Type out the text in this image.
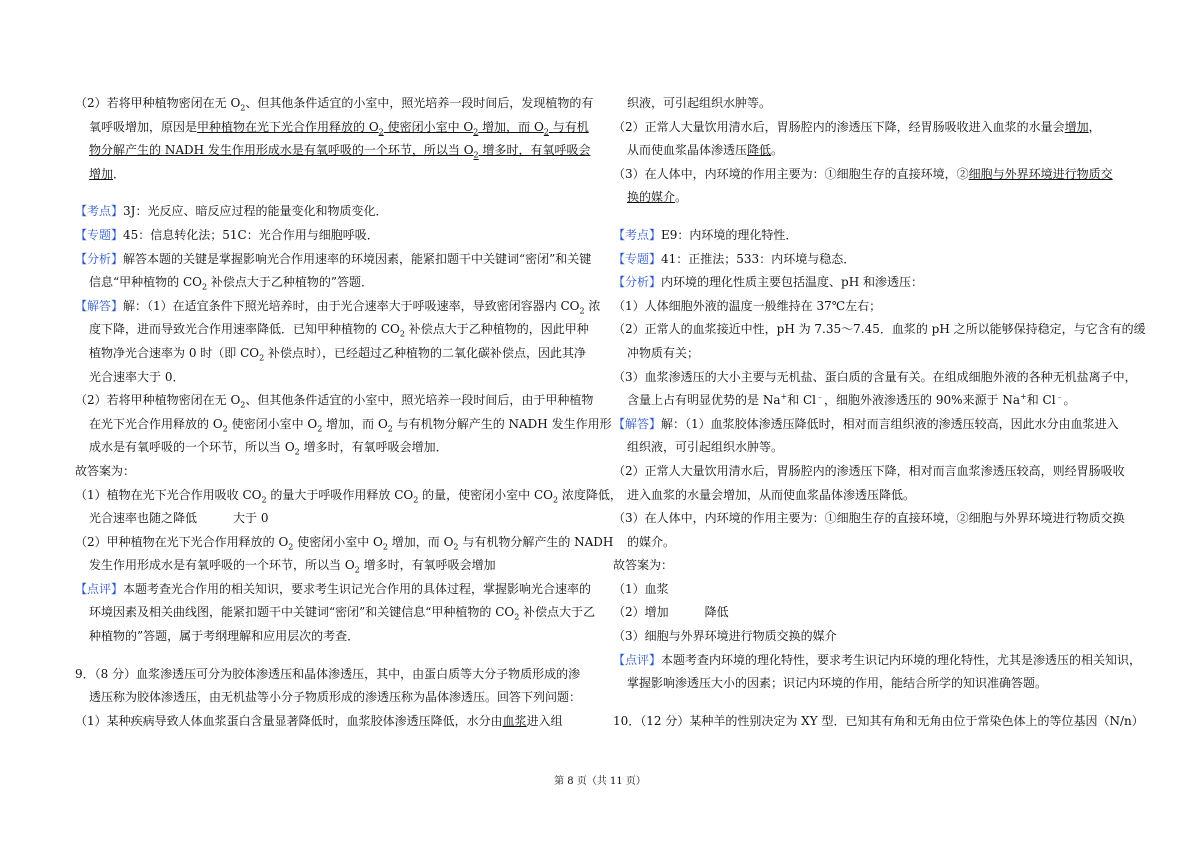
（2）若将甲种植物密闭在无 $O_2$、但其他条件适宜的小室中，照光培养一段时间后，发现植物的有
氧呼吸增加，原因是甲种植物在光下光合作用释放的 $O_2$ 使密闭小室中 $O_2$ 增加，而 $O_2$ 与有机
物分解产生的 NADH 发生作用形成水是有氧呼吸的一个环节，所以当 $O_2$ 增多时，有氧呼吸会
增加．
【考点】3J：光反应、暗反应过程的能量变化和物质变化．
【专题】45：信息转化法；51C：光合作用与细胞呼吸．
【分析】解答本题的关键是掌握影响光合作用速率的环境因素，能紧扣题干中关键词“密闭”和关键
信息“甲种植物的 $CO_2$ 补偿点大于乙种植物的”答题．
【解答】解：（1）在适宜条件下照光培养时，由于光合速率大于呼吸速率，导致密闭容器内 $CO_2$ 浓
度下降，进而导致光合作用速率降低．已知甲种植物的 $CO_2$ 补偿点大于乙种植物的，因此甲种
植物净光合速率为 0 时（即 $CO_2$ 补偿点时），已经超过乙种植物的二氧化碳补偿点，因此其净
光合速率大于 0．
（2）若将甲种植物密闭在无 $O_2$、但其他条件适宜的小室中，照光培养一段时间后，由于甲种植物
在光下光合作用释放的 $O_2$ 使密闭小室中 $O_2$ 增加，而 $O_2$ 与有机物分解产生的 NADH 发生作用形
成水是有氧呼吸的一个环节，所以当 $O_2$ 增多时，有氧呼吸会增加．
故答案为：
（1）植物在光下光合作用吸收 $CO_2$ 的量大于呼吸作用释放 $CO_2$ 的量，使密闭小室中 $CO_2$ 浓度降低，
光合速率也随之降低　　　大于 0
（2）甲种植物在光下光合作用释放的 $O_2$ 使密闭小室中 $O_2$ 增加，而 $O_2$ 与有机物分解产生的 NADH
发生作用形成水是有氧呼吸的一个环节，所以当 $O_2$ 增多时，有氧呼吸会增加
【点评】本题考查光合作用的相关知识，要求考生识记光合作用的具体过程，掌握影响光合速率的
环境因素及相关曲线图，能紧扣题干中关键词“密闭”和关键信息“甲种植物的 $CO_2$ 补偿点大于乙
种植物的”答题，属于考纲理解和应用层次的考查．
9．（8 分）血浆渗透压可分为胶体渗透压和晶体渗透压，其中，由蛋白质等大分子物质形成的渗
透压称为胶体渗透压，由无机盐等小分子物质形成的渗透压称为晶体渗透压。回答下列问题：
（1）某种疾病导致人体血浆蛋白含量显著降低时，血浆胶体渗透压降低，水分由血浆进入组
织液，可引起组织水肿等。
（2）正常人大量饮用清水后，胃肠腔内的渗透压下降，经胃肠吸收进入血浆的水量会增加，
从而使血浆晶体渗透压降低。
（3）在人体中，内环境的作用主要为：①细胞生存的直接环境，②细胞与外界环境进行物质交
换的媒介。
【考点】E9：内环境的理化特性．
【专题】41：正推法；533：内环境与稳态．
【分析】内环境的理化性质主要包括温度、pH 和渗透压：
（1）人体细胞外液的温度一般维持在 37℃左右；
（2）正常人的血浆接近中性，pH 为 7.35～7.45．血浆的 pH 之所以能够保持稳定，与它含有的缓
冲物质有关；
（3）血浆渗透压的大小主要与无机盐、蛋白质的含量有关。在组成细胞外液的各种无机盐离子中，
含量上占有明显优势的是 Na+和 Cl﹣，细胞外液渗透压的 90%来源于 Na+和 Cl﹣。
【解答】解：（1）血浆胶体渗透压降低时，相对而言组织液的渗透压较高，因此水分由血浆进入
组织液，可引起组织水肿等。
（2）正常人大量饮用清水后，胃肠腔内的渗透压下降，相对而言血浆渗透压较高，则经胃肠吸收
进入血浆的水量会增加，从而使血浆晶体渗透压降低。
（3）在人体中，内环境的作用主要为：①细胞生存的直接环境，②细胞与外界环境进行物质交换
的媒介。
故答案为：
（1）血浆
（2）增加　　　降低
（3）细胞与外界环境进行物质交换的媒介
【点评】本题考查内环境的理化特性，要求考生识记内环境的理化特性，尤其是渗透压的相关知识，
掌握影响渗透压大小的因素；识记内环境的作用，能结合所学的知识准确答题。
10．（12 分）某种羊的性别决定为 XY 型．已知其有角和无角由位于常染色体上的等位基因（N/n）
第 8 页（共 11 页）
